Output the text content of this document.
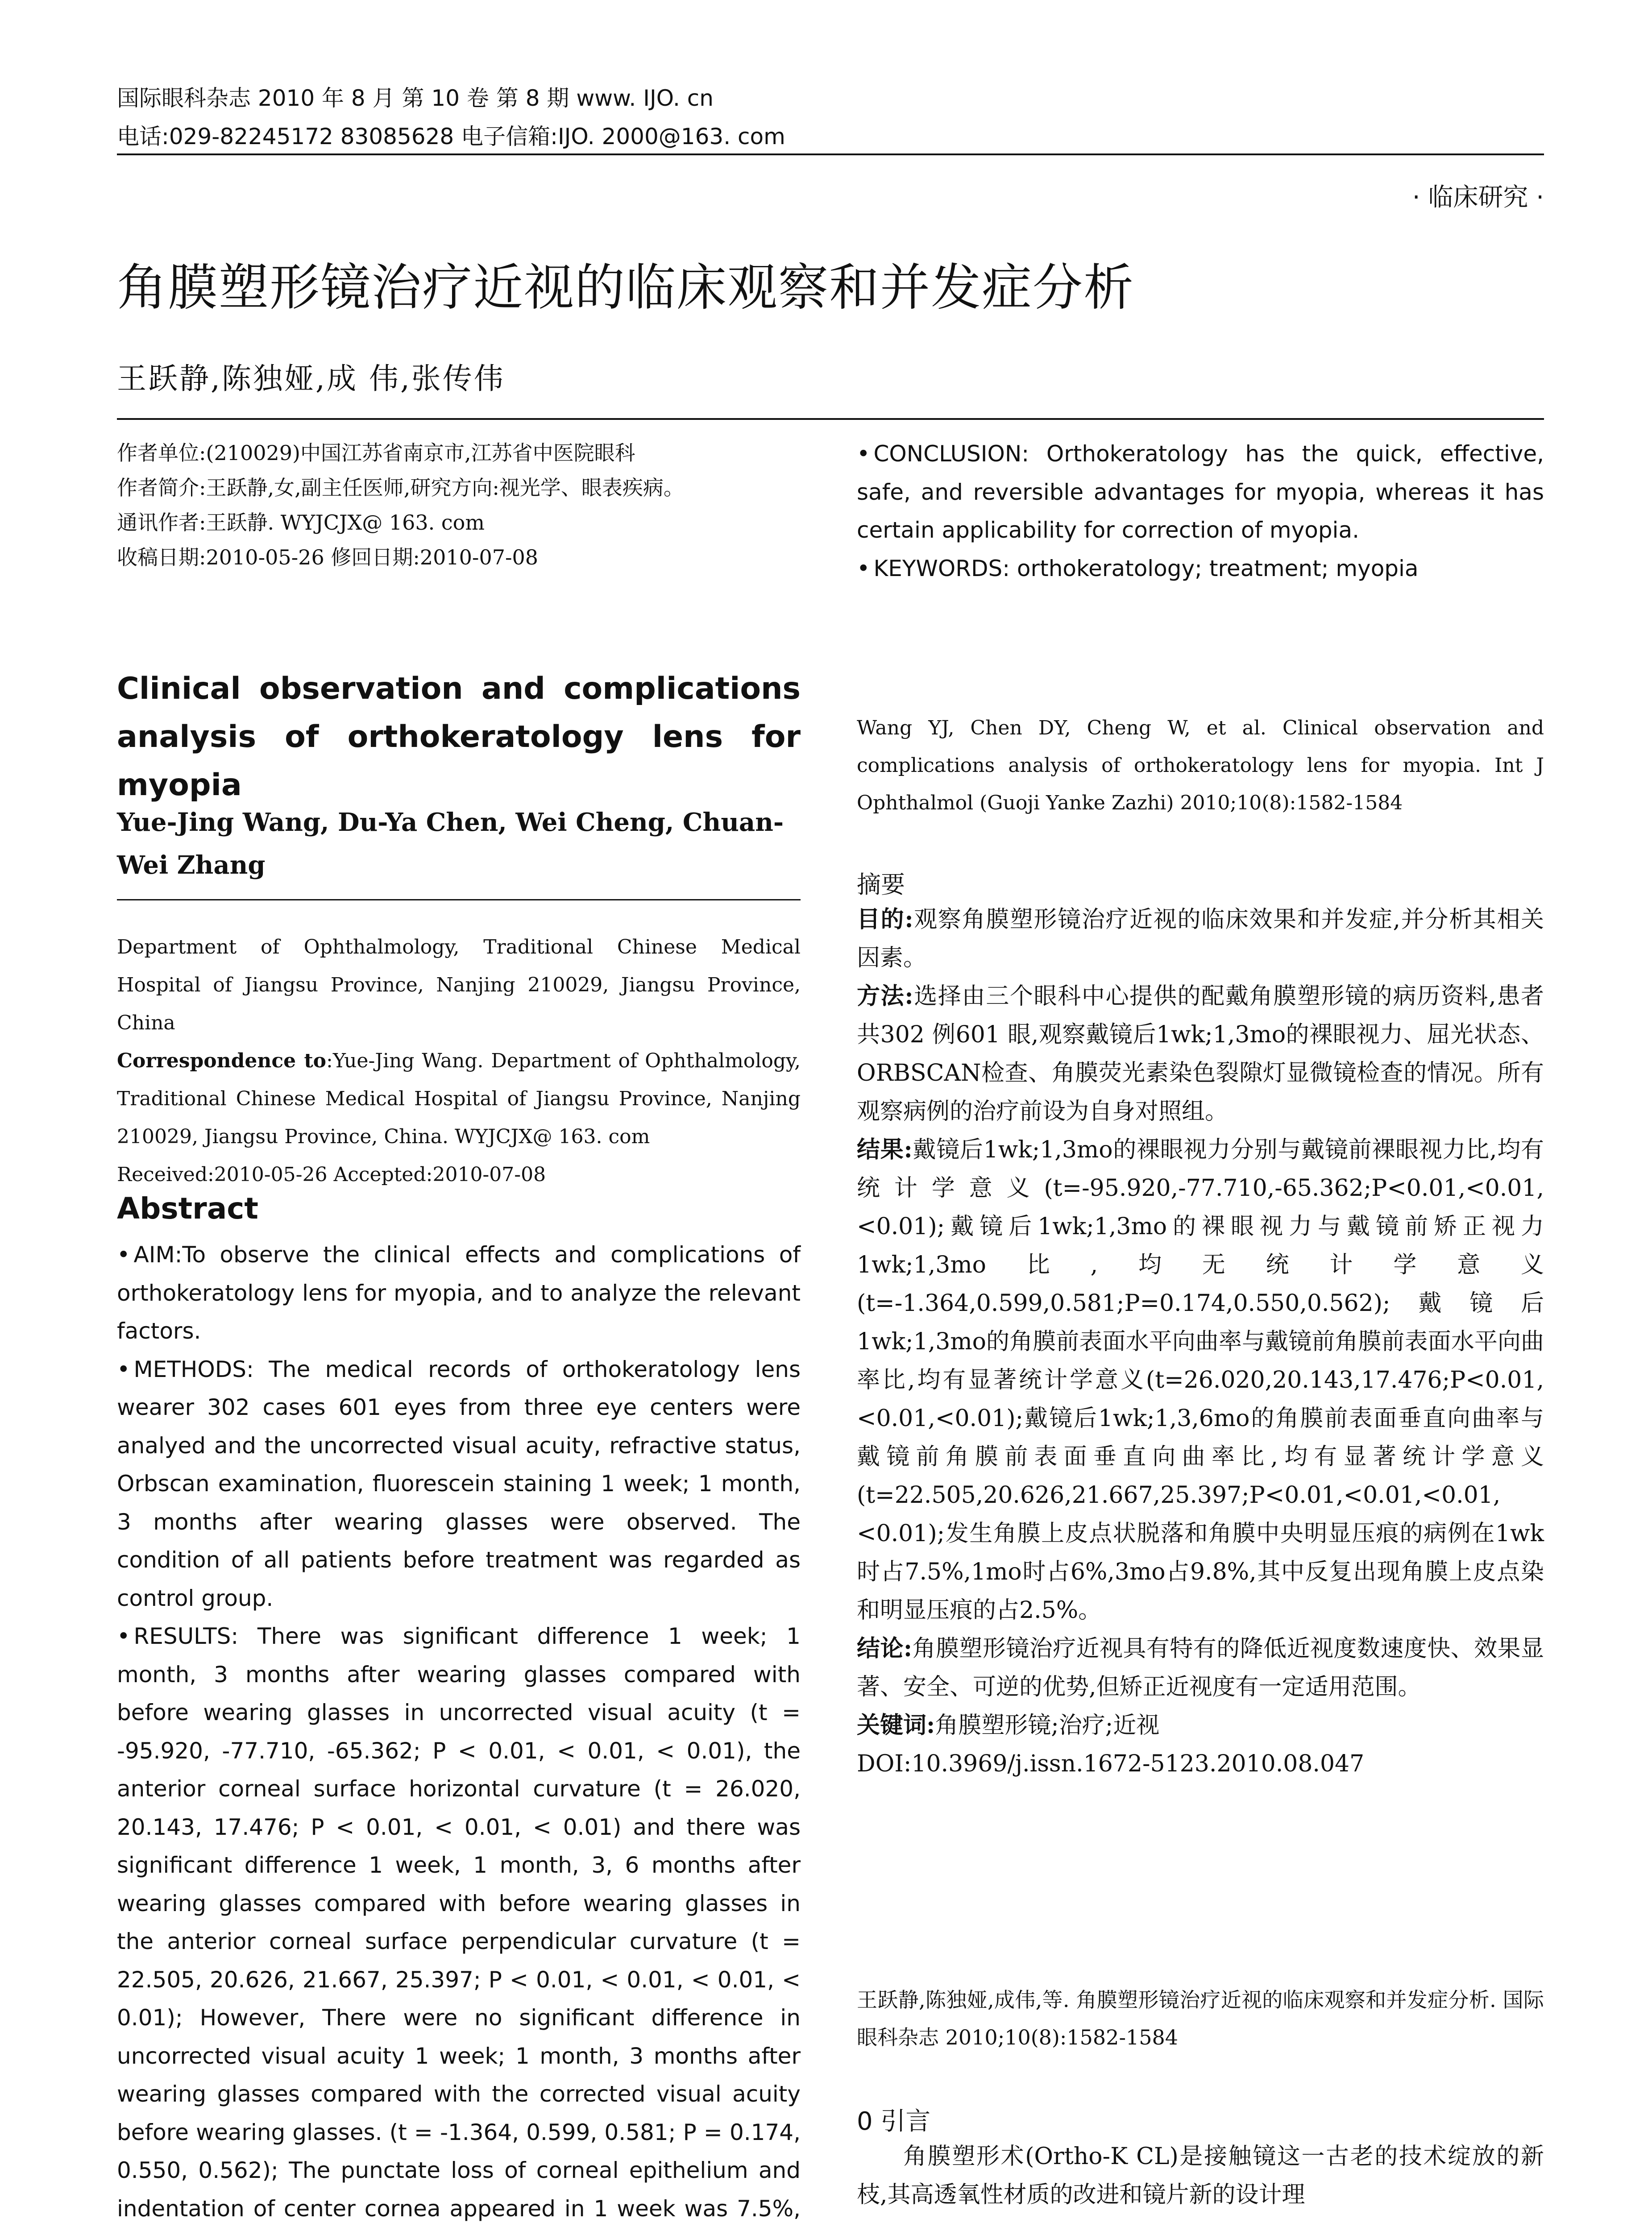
国际眼科杂志 2010 年 8 月 第 10 卷 第 8 期 www. IJO. cn
电话:029-82245172 83085628 电子信箱:IJO. 2000@163. com
· 临床研究 ·
角膜塑形镜治疗近视的临床观察和并发症分析
王跃静,陈独娅,成 伟,张传伟
作者单位:(210029)中国江苏省南京市,江苏省中医院眼科
作者简介:王跃静,女,副主任医师,研究方向:视光学、眼表疾病。
通讯作者:王跃静. WYJCJX@ 163. com
收稿日期:2010-05-26 修回日期:2010-07-08
Clinical observation and complications analysis of orthokeratology lens for myopia
Yue-Jing Wang, Du-Ya Chen, Wei Cheng, Chuan-Wei Zhang
Department of Ophthalmology, Traditional Chinese Medical Hospital of Jiangsu Province, Nanjing 210029, Jiangsu Province, China
Correspondence to:Yue-Jing Wang. Department of Ophthalmology, Traditional Chinese Medical Hospital of Jiangsu Province, Nanjing 210029, Jiangsu Province, China. WYJCJX@ 163. com
Received:2010-05-26 Accepted:2010-07-08
Abstract

• AIM:To observe the clinical effects and complications of orthokeratology lens for myopia, and to analyze the relevant factors.

• METHODS: The medical records of orthokeratology lens wearer 302 cases 601 eyes from three eye centers were analyed and the uncorrected visual acuity, refractive status, Orbscan examination, fluorescein staining 1 week; 1 month, 3 months after wearing glasses were observed. The condition of all patients before treatment was regarded as control group.

• RESULTS: There was significant difference 1 week; 1 month, 3 months after wearing glasses compared with before wearing glasses in uncorrected visual acuity (t = -95.920, -77.710, -65.362; P < 0.01, < 0.01, < 0.01), the anterior corneal surface horizontal curvature (t = 26.020, 20.143, 17.476; P < 0.01, < 0.01, < 0.01) and there was significant difference 1 week, 1 month, 3, 6 months after wearing glasses compared with before wearing glasses in the anterior corneal surface perpendicular curvature (t = 22.505, 20.626, 21.667, 25.397; P < 0.01, < 0.01, < 0.01, < 0.01); However, There were no significant difference in uncorrected visual acuity 1 week; 1 month, 3 months after wearing glasses compared with the corrected visual acuity before wearing glasses. (t = -1.364, 0.599, 0.581; P = 0.174, 0.550, 0.562); The punctate loss of corneal epithelium and indentation of center cornea appeared in 1 week was 7.5%,

• CONCLUSION: Orthokeratology has the quick, effective, safe, and reversible advantages for myopia, whereas it has certain applicability for correction of myopia.

• KEYWORDS: orthokeratology; treatment; myopia

Wang YJ, Chen DY, Cheng W, et al. Clinical observation and complications analysis of orthokeratology lens for myopia. Int J Ophthalmol (Guoji Yanke Zazhi) 2010;10(8):1582-1584
摘要

目的:观察角膜塑形镜治疗近视的临床效果和并发症,并分析其相关因素。

方法:选择由三个眼科中心提供的配戴角膜塑形镜的病历资料,患者共302 例601 眼,观察戴镜后1wk;1,3mo的裸眼视力、屈光状态、ORBSCAN检查、角膜荧光素染色裂隙灯显微镜检查的情况。所有观察病例的治疗前设为自身对照组。

结果:戴镜后1wk;1,3mo的裸眼视力分别与戴镜前裸眼视力比,均有统计学意义(t=-95.920,-77.710,-65.362;P<0.01,<0.01,<0.01);戴镜后1wk;1,3mo的裸眼视力与戴镜前矫正视力1wk;1,3mo比,均无统计学意义(t=-1.364,0.599,0.581;P=0.174,0.550,0.562);戴镜后1wk;1,3mo的角膜前表面水平向曲率与戴镜前角膜前表面水平向曲率比,均有显著统计学意义(t=26.020,20.143,17.476;P<0.01,<0.01,<0.01);戴镜后1wk;1,3,6mo的角膜前表面垂直向曲率与戴镜前角膜前表面垂直向曲率比,均有显著统计学意义(t=22.505,20.626,21.667,25.397;P<0.01,<0.01,<0.01,<0.01);发生角膜上皮点状脱落和角膜中央明显压痕的病例在1wk时占7.5%,1mo时占6%,3mo占9.8%,其中反复出现角膜上皮点染和明显压痕的占2.5%。

结论:角膜塑形镜治疗近视具有特有的降低近视度数速度快、效果显著、安全、可逆的优势,但矫正近视度有一定适用范围。

关键词:角膜塑形镜;治疗;近视

DOI:10.3969/j.issn.1672-5123.2010.08.047

王跃静,陈独娅,成伟,等. 角膜塑形镜治疗近视的临床观察和并发症分析. 国际眼科杂志 2010;10(8):1582-1584
0 引言

角膜塑形术(Ortho-K CL)是接触镜这一古老的技术绽放的新枝,其高透氧性材质的改进和镜片新的设计理
